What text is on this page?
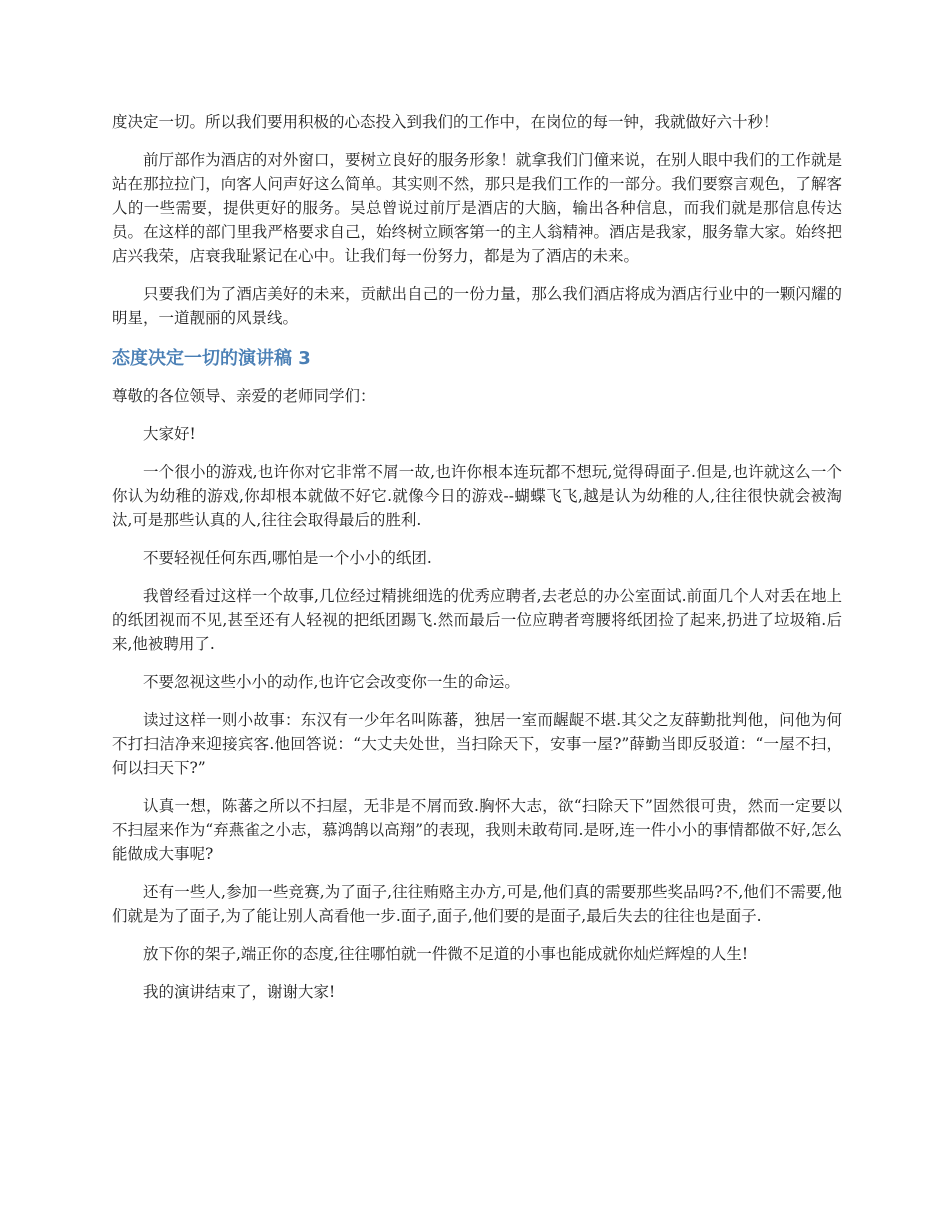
度决定一切。所以我们要用积极的心态投入到我们的工作中，在岗位的每一钟，我就做好六十秒！

前厅部作为酒店的对外窗口，要树立良好的服务形象！就拿我们门僮来说，在别人眼中我们的工作就是站在那拉拉门，向客人问声好这么简单。其实则不然，那只是我们工作的一部分。我们要察言观色，了解客人的一些需要，提供更好的服务。吴总曾说过前厅是酒店的大脑，输出各种信息，而我们就是那信息传达员。在这样的部门里我严格要求自己，始终树立顾客第一的主人翁精神。酒店是我家，服务靠大家。始终把店兴我荣，店衰我耻紧记在心中。让我们每一份努力，都是为了酒店的未来。

只要我们为了酒店美好的未来，贡献出自己的一份力量，那么我们酒店将成为酒店行业中的一颗闪耀的明星，一道靓丽的风景线。

态度决定一切的演讲稿 3

尊敬的各位领导、亲爱的老师同学们：

大家好!

一个很小的游戏,也许你对它非常不屑一故,也许你根本连玩都不想玩,觉得碍面子.但是,也许就这么一个你认为幼稚的游戏,你却根本就做不好它.就像今日的游戏--蝴蝶飞飞,越是认为幼稚的人,往往很快就会被淘汰,可是那些认真的人,往往会取得最后的胜利.

不要轻视任何东西,哪怕是一个小小的纸团.

我曾经看过这样一个故事,几位经过精挑细选的优秀应聘者,去老总的办公室面试.前面几个人对丢在地上的纸团视而不见,甚至还有人轻视的把纸团踢飞.然而最后一位应聘者弯腰将纸团捡了起来,扔进了垃圾箱.后来,他被聘用了.

不要忽视这些小小的动作,也许它会改变你一生的命运。

读过这样一则小故事：东汉有一少年名叫陈蕃，独居一室而龌龊不堪.其父之友薛勤批判他，问他为何不打扫洁净来迎接宾客.他回答说：“大丈夫处世，当扫除天下，安事一屋?”薛勤当即反驳道：“一屋不扫，何以扫天下?”

认真一想，陈蕃之所以不扫屋，无非是不屑而致.胸怀大志，欲“扫除天下”固然很可贵，然而一定要以不扫屋来作为“弃燕雀之小志，慕鸿鹄以高翔”的表现，我则未敢苟同.是呀,连一件小小的事情都做不好,怎么能做成大事呢?

还有一些人,参加一些竞赛,为了面子,往往贿赂主办方,可是,他们真的需要那些奖品吗?不,他们不需要,他们就是为了面子,为了能让别人高看他一步.面子,面子,他们要的是面子,最后失去的往往也是面子.

放下你的架子,端正你的态度,往往哪怕就一件微不足道的小事也能成就你灿烂辉煌的人生!

我的演讲结束了，谢谢大家!
